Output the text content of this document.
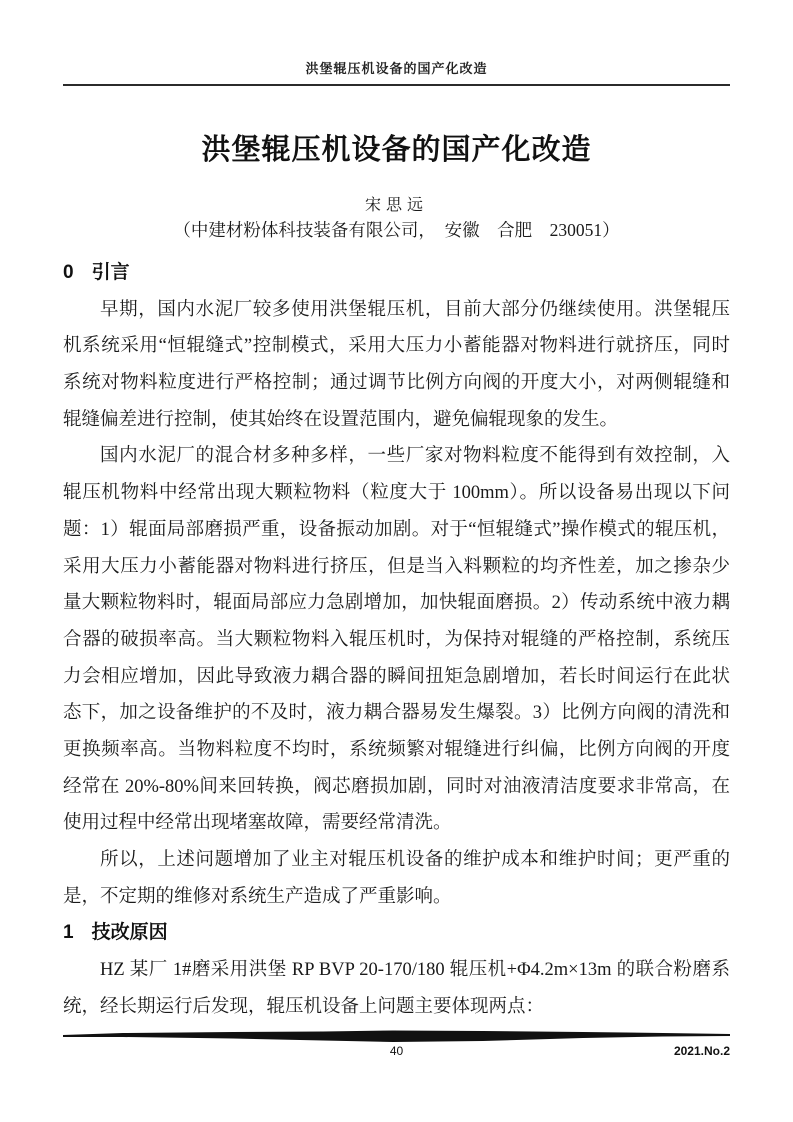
洪堡辊压机设备的国产化改造
洪堡辊压机设备的国产化改造
宋思远
（中建材粉体科技装备有限公司，　安徽　合肥　230051）
0 引言
早期，国内水泥厂较多使用洪堡辊压机，目前大部分仍继续使用。洪堡辊压
机系统采用“恒辊缝式”控制模式，采用大压力小蓄能器对物料进行就挤压，同时
系统对物料粒度进行严格控制；通过调节比例方向阀的开度大小，对两侧辊缝和
辊缝偏差进行控制，使其始终在设置范围内，避免偏辊现象的发生。
国内水泥厂的混合材多种多样，一些厂家对物料粒度不能得到有效控制，入
辊压机物料中经常出现大颗粒物料（粒度大于 100mm）。所以设备易出现以下问
题：1）辊面局部磨损严重，设备振动加剧。对于“恒辊缝式”操作模式的辊压机，
采用大压力小蓄能器对物料进行挤压，但是当入料颗粒的均齐性差，加之掺杂少
量大颗粒物料时，辊面局部应力急剧增加，加快辊面磨损。2）传动系统中液力耦
合器的破损率高。当大颗粒物料入辊压机时，为保持对辊缝的严格控制，系统压
力会相应增加，因此导致液力耦合器的瞬间扭矩急剧增加，若长时间运行在此状
态下，加之设备维护的不及时，液力耦合器易发生爆裂。3）比例方向阀的清洗和
更换频率高。当物料粒度不均时，系统频繁对辊缝进行纠偏，比例方向阀的开度
经常在 20%-80%间来回转换，阀芯磨损加剧，同时对油液清洁度要求非常高，在
使用过程中经常出现堵塞故障，需要经常清洗。
所以，上述问题增加了业主对辊压机设备的维护成本和维护时间；更严重的
是，不定期的维修对系统生产造成了严重影响。
1 技改原因
HZ 某厂 1#磨采用洪堡 RP BVP 20-170/180 辊压机+Φ4.2m×13m 的联合粉磨系
统，经长期运行后发现，辊压机设备上问题主要体现两点：
40	2021.No.2
